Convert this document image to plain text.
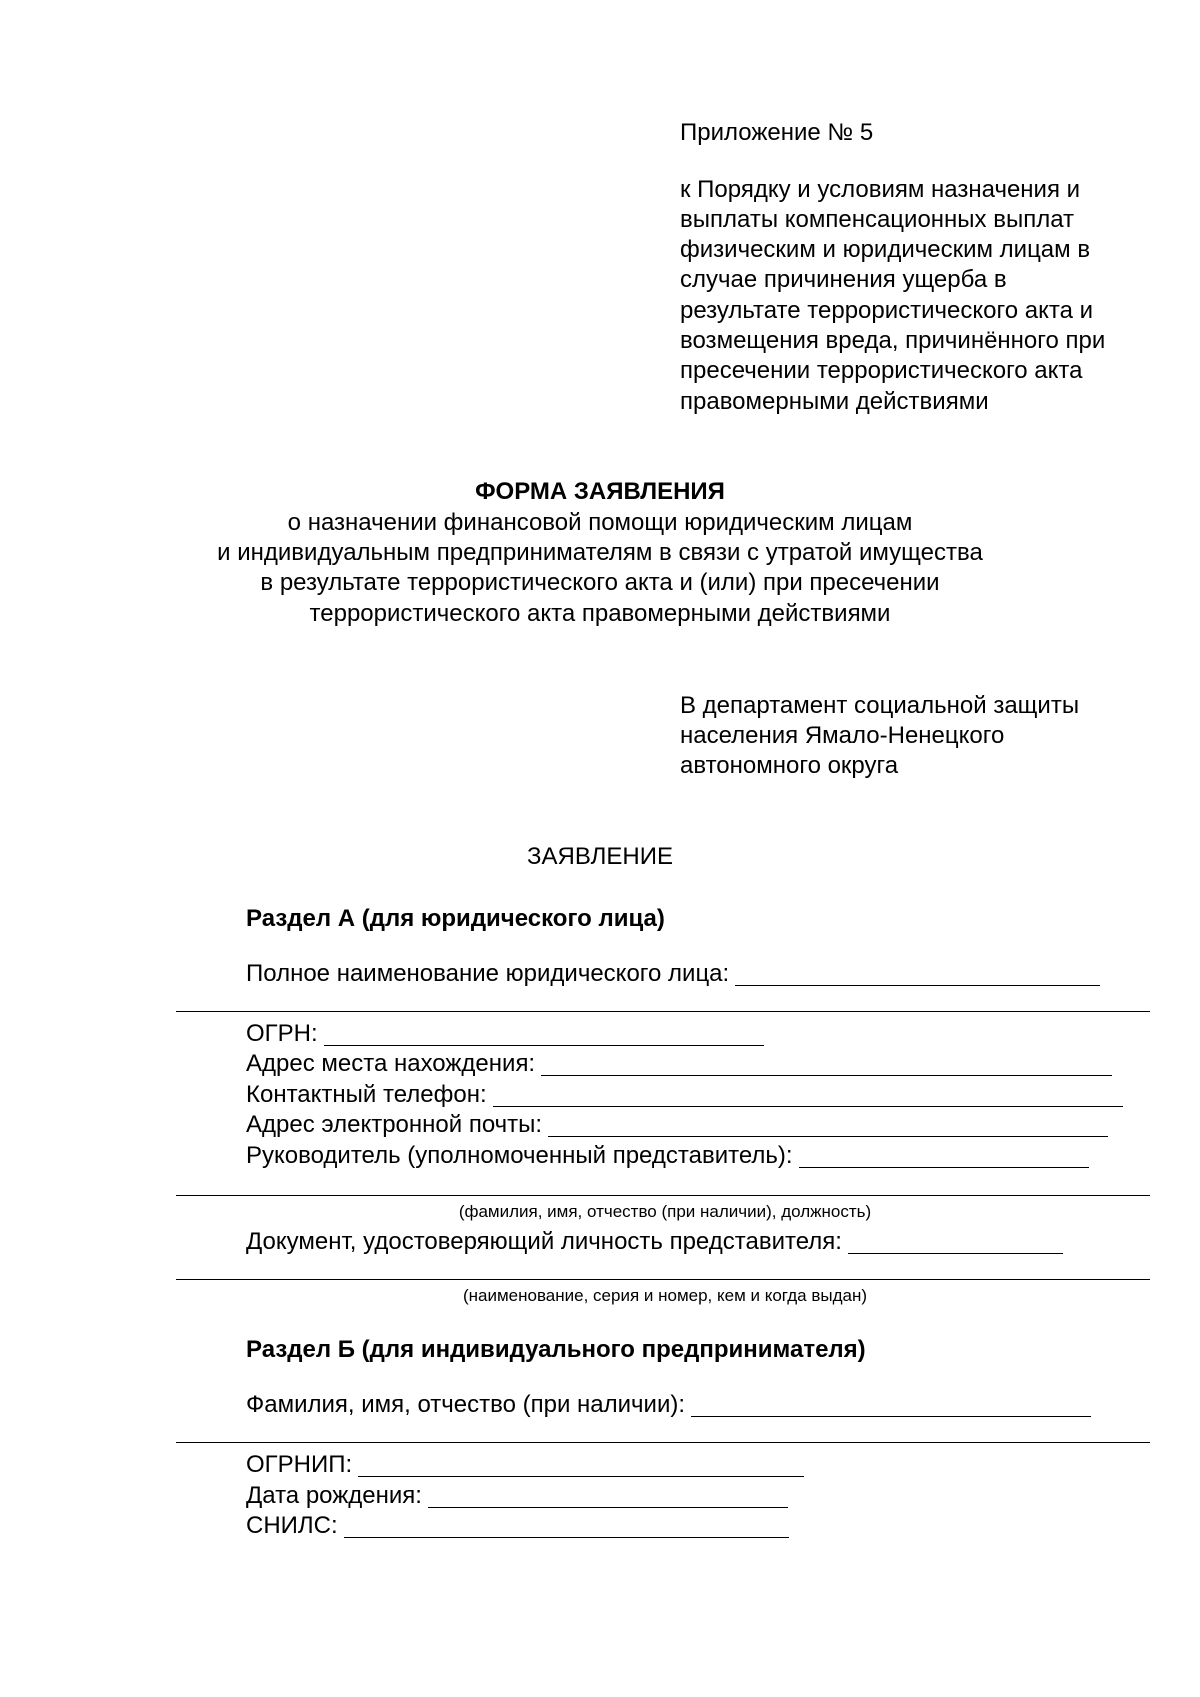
Приложение № 5
к Порядку и условиям назначения и
выплаты компенсационных выплат
физическим и юридическим лицам в
случае причинения ущерба в
результате террористического акта и
возмещения вреда, причинённого при
пресечении террористического акта
правомерными действиями
ФОРМА ЗАЯВЛЕНИЯ
о назначении финансовой помощи юридическим лицам
и индивидуальным предпринимателям в связи с утратой имущества
в результате террористического акта и (или) при пресечении
террористического акта правомерными действиями
В департамент социальной защиты
населения Ямало-Ненецкого
автономного округа
ЗАЯВЛЕНИЕ
Раздел А (для юридического лица)
Полное наименование юридического лица:
ОГРН:
Адрес места нахождения:
Контактный телефон:
Адрес электронной почты:
Руководитель (уполномоченный представитель):
(фамилия, имя, отчество (при наличии), должность)
Документ, удостоверяющий личность представителя:
(наименование, серия и номер, кем и когда выдан)
Раздел Б (для индивидуального предпринимателя)
Фамилия, имя, отчество (при наличии):
ОГРНИП:
Дата рождения:
СНИЛС:
